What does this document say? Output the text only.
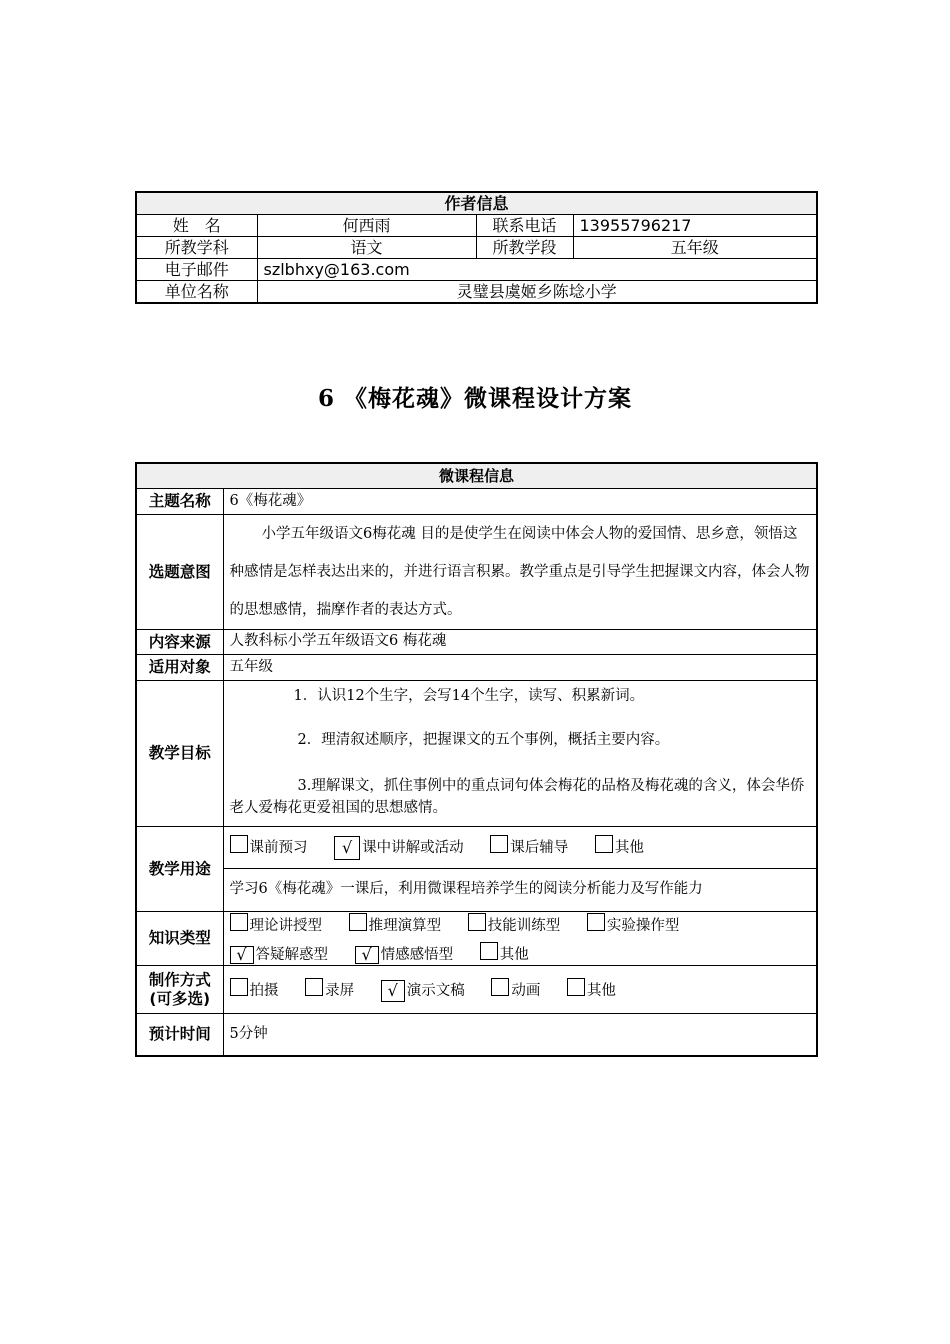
作者信息			
姓　名	何西雨	联系电话	13955796217
所教学科	语文	所教学段	五年级
电子邮件	szlbhxy@163.com		
单位名称	灵璧县虞姬乡陈埝小学		
6 《梅花魂》微课程设计方案
微课程信息	
主题名称	6《梅花魂》
选题意图	小学五年级语文6梅花魂 目的是使学生在阅读中体会人物的爱国情、思乡意，领悟这种感情是怎样表达出来的，并进行语言积累。教学重点是引导学生把握课文内容，体会人物的思想感情，揣摩作者的表达方式。

内容来源	人教科标小学五年级语文6 梅花魂
适用对象	五年级
教学目标	1．认识12个生字，会写14个生字，读写、积累新词。

2．理清叙述顺序，把握课文的五个事例，概括主要内容。

3.理解课文，抓住事例中的重点词句体会梅花的品格及梅花魂的含义，体会华侨老人爱梅花更爱祖国的思想感情。

教学用途	课前预习 √ 课中讲解或活动 课后辅导 其他
	学习6《梅花魂》一课后，利用微课程培养学生的阅读分析能力及写作能力
知识类型	理论讲授型 推理演算型 技能训练型 实验操作型
√ 答疑解惑型 √ 情感感悟型 其他

制作方式
(可多选)	拍摄 录屏 √ 演示文稿 动画 其他
预计时间	5分钟
